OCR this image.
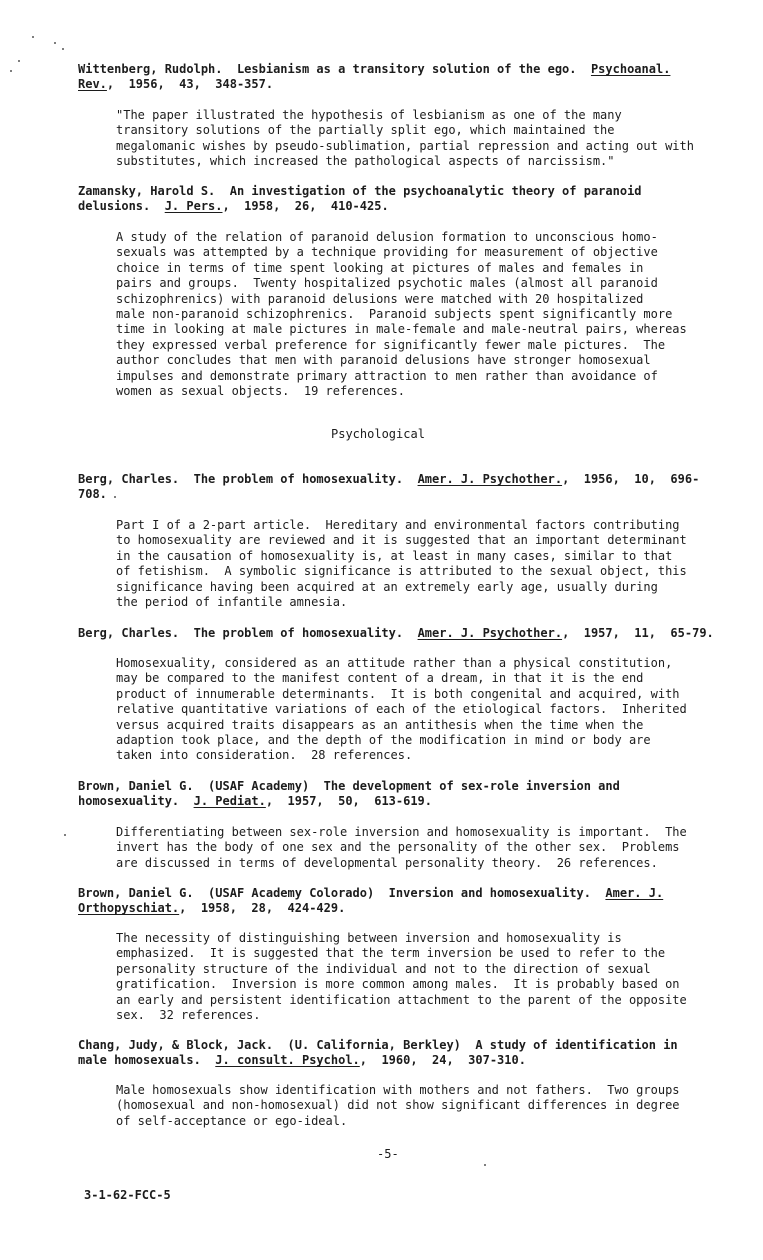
Wittenberg, Rudolph.  Lesbianism as a transitory solution of the ego.  Psychoanal.
Rev.,  1956,  43,  348-357.
"The paper illustrated the hypothesis of lesbianism as one of the many
transitory solutions of the partially split ego, which maintained the
megalomanic wishes by pseudo-sublimation, partial repression and acting out with
substitutes, which increased the pathological aspects of narcissism."
Zamansky, Harold S.  An investigation of the psychoanalytic theory of paranoid
delusions.  J. Pers.,  1958,  26,  410-425.
A study of the relation of paranoid delusion formation to unconscious homo-
sexuals was attempted by a technique providing for measurement of objective
choice in terms of time spent looking at pictures of males and females in
pairs and groups.  Twenty hospitalized psychotic males (almost all paranoid
schizophrenics) with paranoid delusions were matched with 20 hospitalized
male non-paranoid schizophrenics.  Paranoid subjects spent significantly more
time in looking at male pictures in male-female and male-neutral pairs, whereas
they expressed verbal preference for significantly fewer male pictures.  The
author concludes that men with paranoid delusions have stronger homosexual
impulses and demonstrate primary attraction to men rather than avoidance of
women as sexual objects.  19 references.
Psychological
Berg, Charles.  The problem of homosexuality.  Amer. J. Psychother.,  1956,  10,  696-
708.
Part I of a 2-part article.  Hereditary and environmental factors contributing
to homosexuality are reviewed and it is suggested that an important determinant
in the causation of homosexuality is, at least in many cases, similar to that
of fetishism.  A symbolic significance is attributed to the sexual object, this
significance having been acquired at an extremely early age, usually during
the period of infantile amnesia.
Berg, Charles.  The problem of homosexuality.  Amer. J. Psychother.,  1957,  11,  65-79.
Homosexuality, considered as an attitude rather than a physical constitution,
may be compared to the manifest content of a dream, in that it is the end
product of innumerable determinants.  It is both congenital and acquired, with
relative quantitative variations of each of the etiological factors.  Inherited
versus acquired traits disappears as an antithesis when the time when the
adaption took place, and the depth of the modification in mind or body are
taken into consideration.  28 references.
Brown, Daniel G.  (USAF Academy)  The development of sex-role inversion and
homosexuality.  J. Pediat.,  1957,  50,  613-619.
Differentiating between sex-role inversion and homosexuality is important.  The
invert has the body of one sex and the personality of the other sex.  Problems
are discussed in terms of developmental personality theory.  26 references.
Brown, Daniel G.  (USAF Academy Colorado)  Inversion and homosexuality.  Amer. J.
Orthopyschiat.,  1958,  28,  424-429.
The necessity of distinguishing between inversion and homosexuality is
emphasized.  It is suggested that the term inversion be used to refer to the
personality structure of the individual and not to the direction of sexual
gratification.  Inversion is more common among males.  It is probably based on
an early and persistent identification attachment to the parent of the opposite
sex.  32 references.
Chang, Judy, & Block, Jack.  (U. California, Berkley)  A study of identification in
male homosexuals.  J. consult. Psychol.,  1960,  24,  307-310.
Male homosexuals show identification with mothers and not fathers.  Two groups
(homosexual and non-homosexual) did not show significant differences in degree
of self-acceptance or ego-ideal.
-5-
3-1-62-FCC-5
